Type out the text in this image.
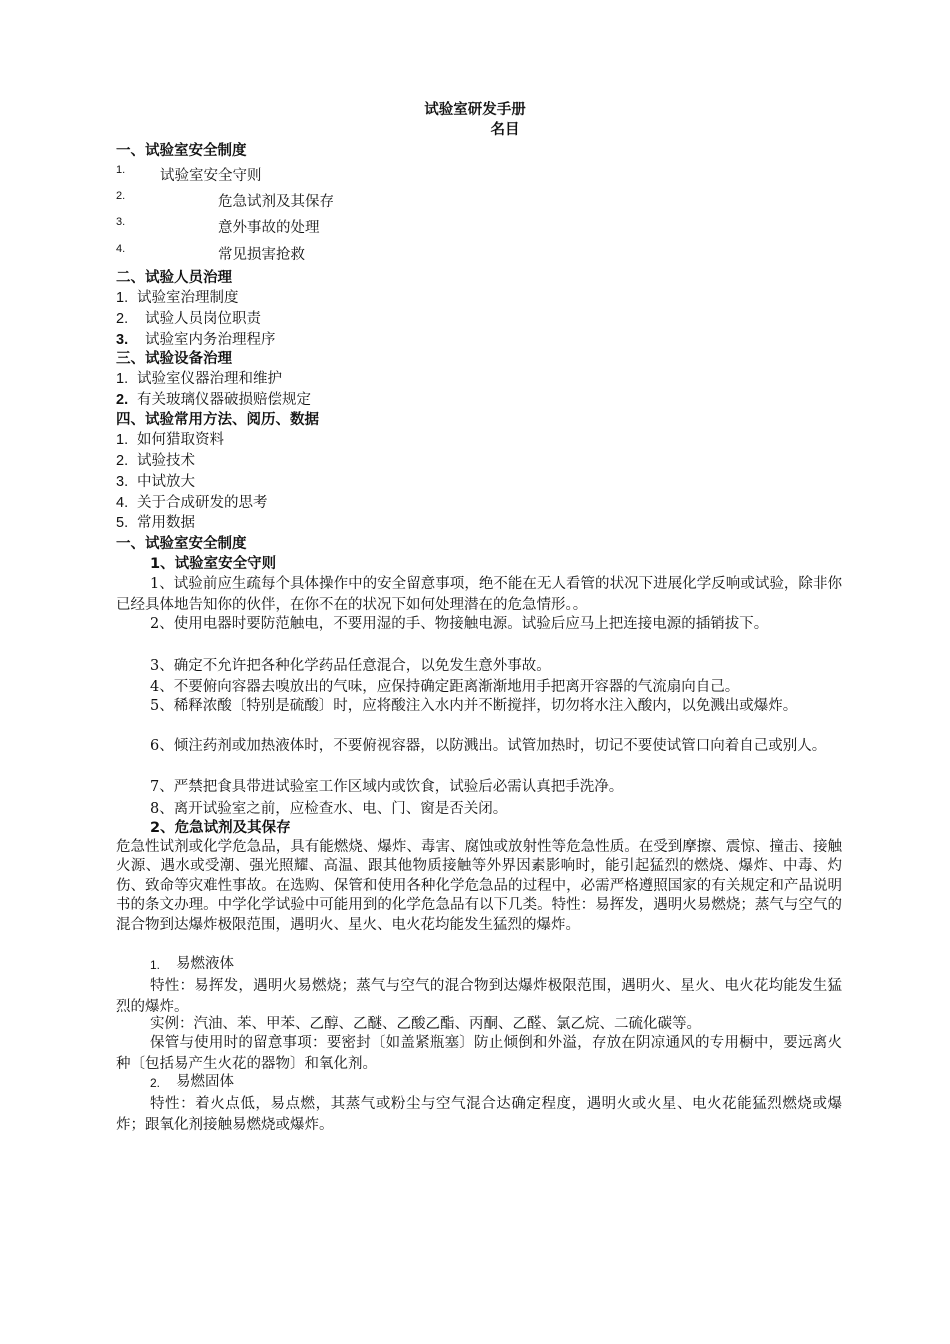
试验室研发手册
名目
一、试验室安全制度
1. 试验室安全守则
2.	危急试剂及其保存
3.	意外事故的处理
4.	常见损害抢救
二、试验人员治理
1. 试验室治理制度
2. 试验人员岗位职责
3. 试验室内务治理程序
三、试验设备治理
1. 试验室仪器治理和维护
2. 有关玻璃仪器破损赔偿规定
四、试验常用方法、阅历、数据
1. 如何猎取资料
2. 试验技术
3. 中试放大
4. 关于合成研发的思考
5. 常用数据
一、试验室安全制度
1、试验室安全守则
1、试验前应生疏每个具体操作中的安全留意事项，绝不能在无人看管的状况下进展化学反响或试验，除非你已经具体地告知你的伙伴，在你不在的状况下如何处理潜在的危急情形。。
2、使用电器时要防范触电，不要用湿的手、物接触电源。试验后应马上把连接电源的插销拔下。
3、确定不允许把各种化学药品任意混合，以免发生意外事故。
4、不要俯向容器去嗅放出的气味，应保持确定距离渐渐地用手把离开容器的气流扇向自己。
5、稀释浓酸〔特别是硫酸〕时，应将酸注入水内并不断搅拌，切勿将水注入酸内，以免溅出或爆炸。
6、倾注药剂或加热液体时，不要俯视容器，以防溅出。试管加热时，切记不要使试管口向着自己或别人。
7、严禁把食具带进试验室工作区域内或饮食，试验后必需认真把手洗净。
8、离开试验室之前，应检查水、电、门、窗是否关闭。
2、危急试剂及其保存
危急性试剂或化学危急品，具有能燃烧、爆炸、毒害、腐蚀或放射性等危急性质。在受到摩擦、震惊、撞击、接触火源、遇水或受潮、强光照耀、高温、跟其他物质接触等外界因素影响时，能引起猛烈的燃烧、爆炸、中毒、灼伤、致命等灾难性事故。在选购、保管和使用各种化学危急品的过程中，必需严格遵照国家的有关规定和产品说明书的条文办理。中学化学试验中可能用到的化学危急品有以下几类。特性：易挥发，遇明火易燃烧；蒸气与空气的混合物到达爆炸极限范围，遇明火、星火、电火花均能发生猛烈的爆炸。
1. 易燃液体
特性：易挥发，遇明火易燃烧；蒸气与空气的混合物到达爆炸极限范围，遇明火、星火、电火花均能发生猛烈的爆炸。
实例：汽油、苯、甲苯、乙醇、乙醚、乙酸乙酯、丙酮、乙醛、氯乙烷、二硫化碳等。
保管与使用时的留意事项：要密封〔如盖紧瓶塞〕防止倾倒和外溢，存放在阴凉通风的专用橱中，要远离火种〔包括易产生火花的器物〕和氧化剂。
2. 易燃固体
特性：着火点低，易点燃，其蒸气或粉尘与空气混合达确定程度，遇明火或火星、电火花能猛烈燃烧或爆炸；跟氧化剂接触易燃烧或爆炸。
